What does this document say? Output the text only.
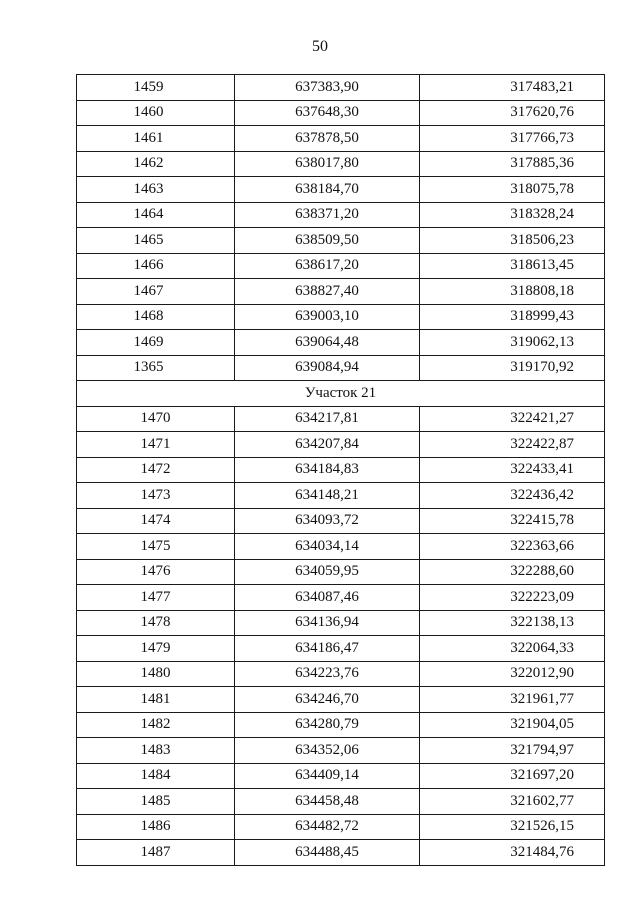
50
1459	637383,90	317483,21
1460	637648,30	317620,76
1461	637878,50	317766,73
1462	638017,80	317885,36
1463	638184,70	318075,78
1464	638371,20	318328,24
1465	638509,50	318506,23
1466	638617,20	318613,45
1467	638827,40	318808,18
1468	639003,10	318999,43
1469	639064,48	319062,13
1365	639084,94	319170,92
Участок 21		
1470	634217,81	322421,27
1471	634207,84	322422,87
1472	634184,83	322433,41
1473	634148,21	322436,42
1474	634093,72	322415,78
1475	634034,14	322363,66
1476	634059,95	322288,60
1477	634087,46	322223,09
1478	634136,94	322138,13
1479	634186,47	322064,33
1480	634223,76	322012,90
1481	634246,70	321961,77
1482	634280,79	321904,05
1483	634352,06	321794,97
1484	634409,14	321697,20
1485	634458,48	321602,77
1486	634482,72	321526,15
1487	634488,45	321484,76
